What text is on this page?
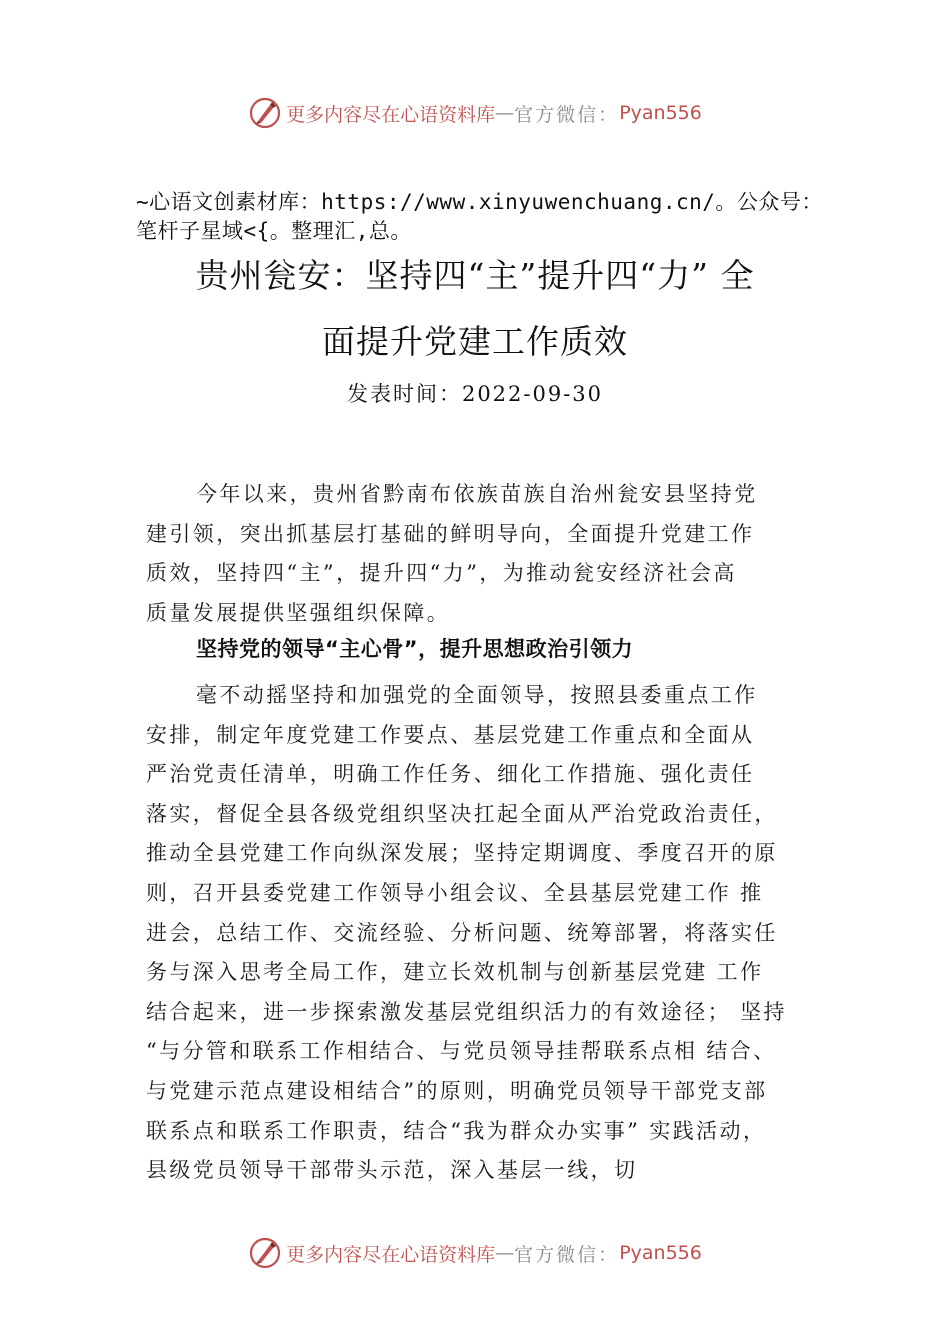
更多内容尽在心语资料库 — 官方微信： Pyan556
~心语文创素材库：https://www.xinyuwenchuang.cn/。公众号：
笔杆子星域<{。整理汇,总。
贵州瓮安：坚持四“主”提升四“力” 全
面提升党建工作质效
发表时间：2022-09-30
今年以来，贵州省黔南布依族苗族自治州瓮安县坚持党
建引领，突出抓基层打基础的鲜明导向，全面提升党建工作
质效，坚持四“主”，提升四“力”，为推动瓮安经济社会高
质量发展提供坚强组织保障。
坚持党的领导“主心骨”，提升思想政治引领力
毫不动摇坚持和加强党的全面领导，按照县委重点工作
安排，制定年度党建工作要点、基层党建工作重点和全面从
严治党责任清单，明确工作任务、细化工作措施、强化责任
落实，督促全县各级党组织坚决扛起全面从严治党政治责任，
推动全县党建工作向纵深发展；坚持定期调度、季度召开的原
则，召开县委党建工作领导小组会议、全县基层党建工作 推
进会，总结工作、交流经验、分析问题、统筹部署，将落实任
务与深入思考全局工作，建立长效机制与创新基层党建 工作
结合起来，进一步探索激发基层党组织活力的有效途径； 坚持
“与分管和联系工作相结合、与党员领导挂帮联系点相 结合、
与党建示范点建设相结合”的原则，明确党员领导干部党支部
联系点和联系工作职责，结合“我为群众办实事” 实践活动，
县级党员领导干部带头示范，深入基层一线，切
更多内容尽在心语资料库 — 官方微信： Pyan556
